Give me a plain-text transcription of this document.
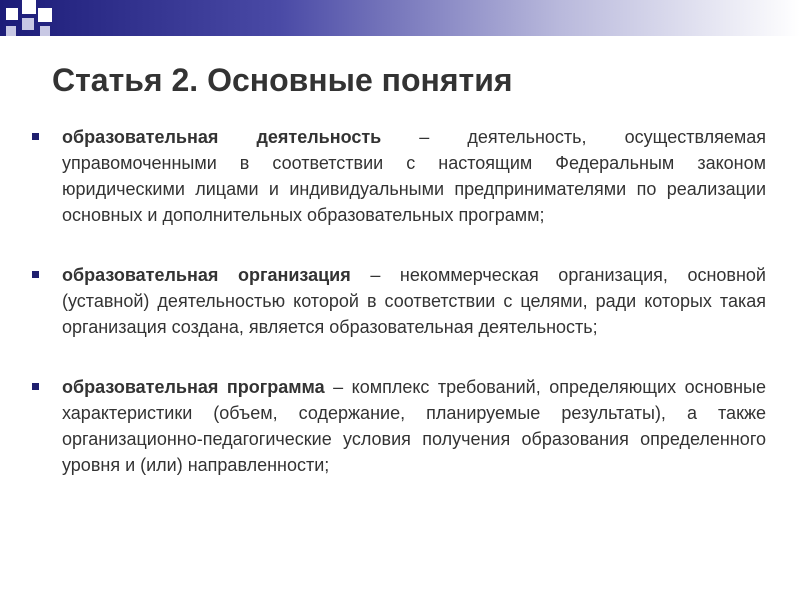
Статья 2. Основные понятия

образовательная деятельность – деятельность, осуществляемая управомоченными в соответствии с настоящим Федеральным законом юридическими лицами и индивидуальными предпринимателями по реализации основных и дополнительных образовательных программ;

образовательная организация – некоммерческая организация, основной (уставной) деятельностью которой в соответствии с целями, ради которых такая организация создана, является образовательная деятельность;

образовательная программа – комплекс требований, определяющих основные характеристики (объем, содержание, планируемые результаты), а также организационно-педагогические условия получения образования определенного уровня и (или) направленности;
